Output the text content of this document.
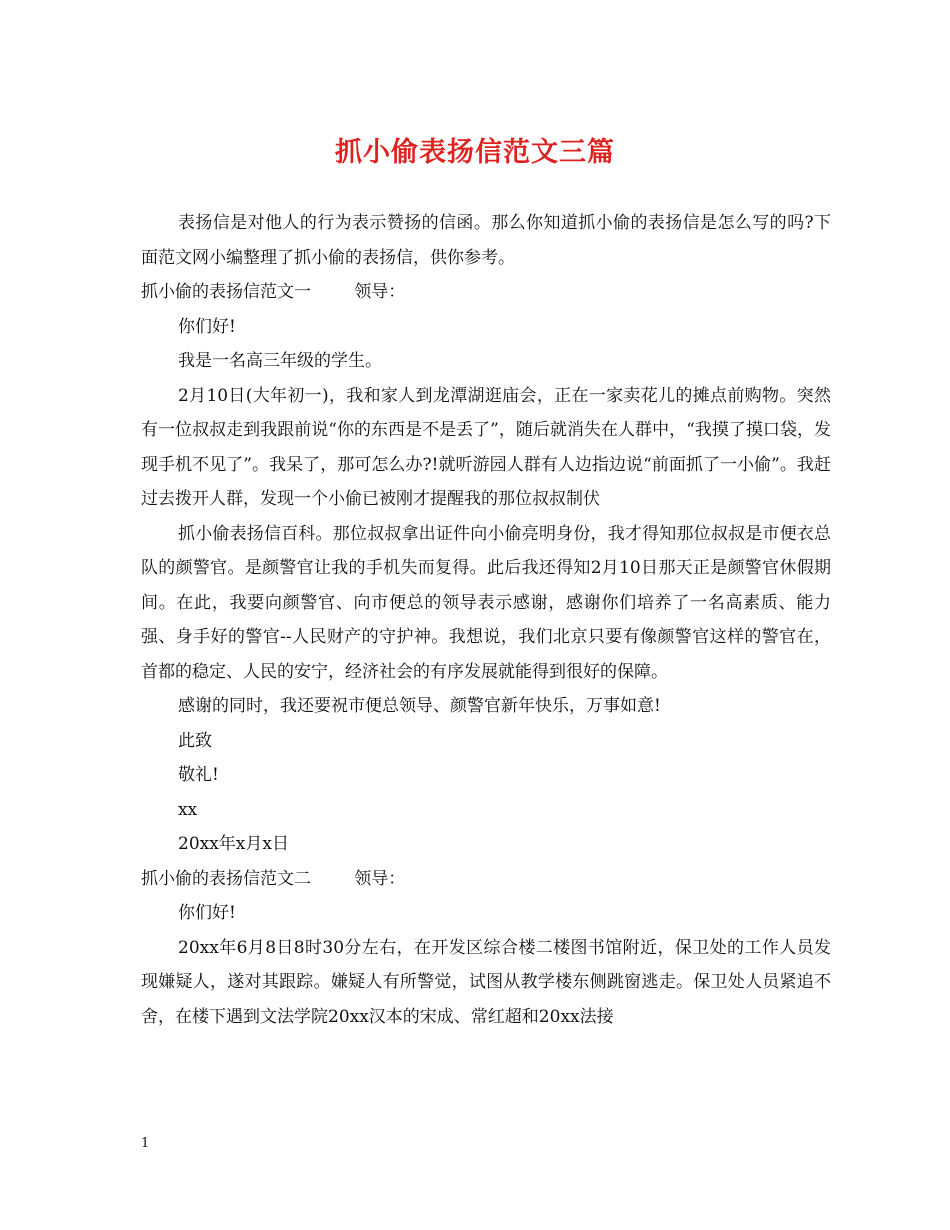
抓小偷表扬信范文三篇

表扬信是对他人的行为表示赞扬的信函。那么你知道抓小偷的表扬信是怎么写的吗?下面范文网小编整理了抓小偷的表扬信，供你参考。

抓小偷的表扬信范文一        领导：

你们好!

我是一名高三年级的学生。

2月10日(大年初一)，我和家人到龙潭湖逛庙会，正在一家卖花儿的摊点前购物。突然有一位叔叔走到我跟前说“你的东西是不是丢了”，随后就消失在人群中，“我摸了摸口袋，发现手机不见了”。我呆了，那可怎么办?!就听游园人群有人边指边说“前面抓了一小偷”。我赶过去拨开人群，发现一个小偷已被刚才提醒我的那位叔叔制伏

抓小偷表扬信百科。那位叔叔拿出证件向小偷亮明身份，我才得知那位叔叔是市便衣总队的颜警官。是颜警官让我的手机失而复得。此后我还得知2月10日那天正是颜警官休假期间。在此，我要向颜警官、向市便总的领导表示感谢，感谢你们培养了一名高素质、能力强、身手好的警官--人民财产的守护神。我想说，我们北京只要有像颜警官这样的警官在，首都的稳定、人民的安宁，经济社会的有序发展就能得到很好的保障。

感谢的同时，我还要祝市便总领导、颜警官新年快乐，万事如意!

此致

敬礼!

xx

20xx年x月x日

抓小偷的表扬信范文二        领导：

你们好!

20xx年6月8日8时30分左右，在开发区综合楼二楼图书馆附近，保卫处的工作人员发现嫌疑人，遂对其跟踪。嫌疑人有所警觉，试图从教学楼东侧跳窗逃走。保卫处人员紧追不舍，在楼下遇到文法学院20xx汉本的宋成、常红超和20xx法接

1
